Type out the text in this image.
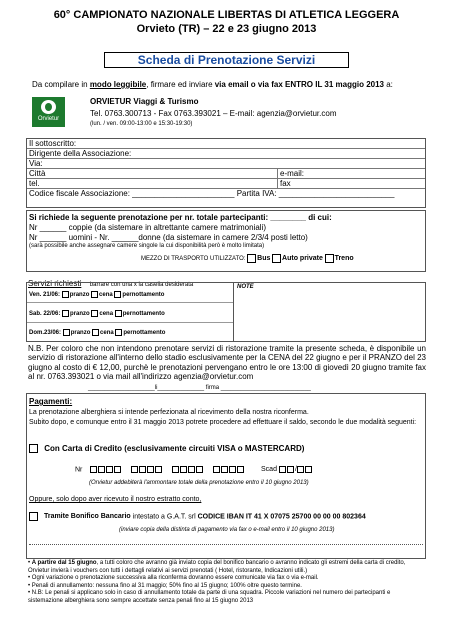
60° CAMPIONATO NAZIONALE LIBERTAS DI ATLETICA LEGGERA
Orvieto (TR) – 22 e 23 giugno 2013
Scheda di Prenotazione Servizi
Da compilare in modo leggibile, firmare ed inviare via email o via fax ENTRO IL 31 maggio 2013 a:
Orvietur
ORVIETUR Viaggi & Turismo
Tel. 0763.300713 - Fax 0763.393021 – E-mail: agenzia@orvietur.com
(lun. / ven. 09:00-13:00 e 15:30-19:30)
Il sottoscritto:
Dirigente della Associazione:
Via:
Città	e-mail:
tel.	fax
Codice fiscale Associazione: _______________________ Partita IVA: __________________________
Si richiede la seguente prenotazione per nr. totale partecipanti: ________ di cui:
Nr ______ coppie (da sistemare in altrettante camere matrimoniali)
Nr ______ uomini - Nr. ______donne (da sistemare in camere 2/3/4 posti letto)
(sarà possibile anche assegnare camere singole la cui disponibilità però è molto limitata)
MEZZO DI TRASPORTO UTILIZZATO: Bus Auto private Treno
Servizi richiesti barrare con una x la casella desiderata	NOTE
Ven. 21/06: pranzo cena pernottamento
Sab. 22/06: pranzo cena pernottamento
Dom.23/06: pranzo cena pernottamento
N.B. Per coloro che non intendono prenotare servizi di ristorazione tramite la presente scheda, è disponibile un servizio di ristorazione all'interno dello stadio esclusivamente per la CENA del 22 giugno e per il PRANZO del 23 giugno al costo di € 12,00, purchè le prenotazioni pervengano entro le ore 13:00 di giovedì 20 giugno tramite fax al nr. 0763.393021 o via mail all'indirizzo agenzia@orvietur.com
____________________li______________ firma ___________________________
Pagamenti:
La prenotazione alberghiera si intende perfezionata al ricevimento della nostra riconferma.
Subito dopo, e comunque entro il 31 maggio 2013 potrete procedere ad effettuare il saldo, secondo le due modalità seguenti:
Con Carta di Credito (esclusivamente circuiti VISA o MASTERCARD)
Nr	Scad	/
(Orvietur addebiterà l'ammontare totale della prenotazione entro il 10 giugno 2013)
Oppure, solo dopo aver ricevuto il nostro estratto conto,
Tramite Bonifico Bancario intestato a G.A.T. srl CODICE IBAN IT 41 X 07075 25700 00 00 00 802364
(inviare copia della distinta di pagamento via fax o e-mail entro il 10 giugno 2013)
• A partire dal 15 giugno, a tutti coloro che avranno già inviato copia del bonifico bancario o avranno indicato gli estremi della carta di credito, Orvietur invierà i vouchers con tutti i dettagli relativi ai servizi prenotati ( Hotel, ristorante, Indicazioni utili.)
• Ogni variazione o prenotazione successiva alla riconferma dovranno essere comunicate via fax o via e-mail.
• Penali di annullamento: nessuna fino al 31 maggio; 50% fino al 15 giugno; 100% oltre questo termine.
• N.B: Le penali si applicano solo in caso di annullamento totale da parte di una squadra. Piccole variazioni nel numero dei partecipanti e sistemazione alberghiera sono sempre accettate senza penali fino al 15 giugno 2013
